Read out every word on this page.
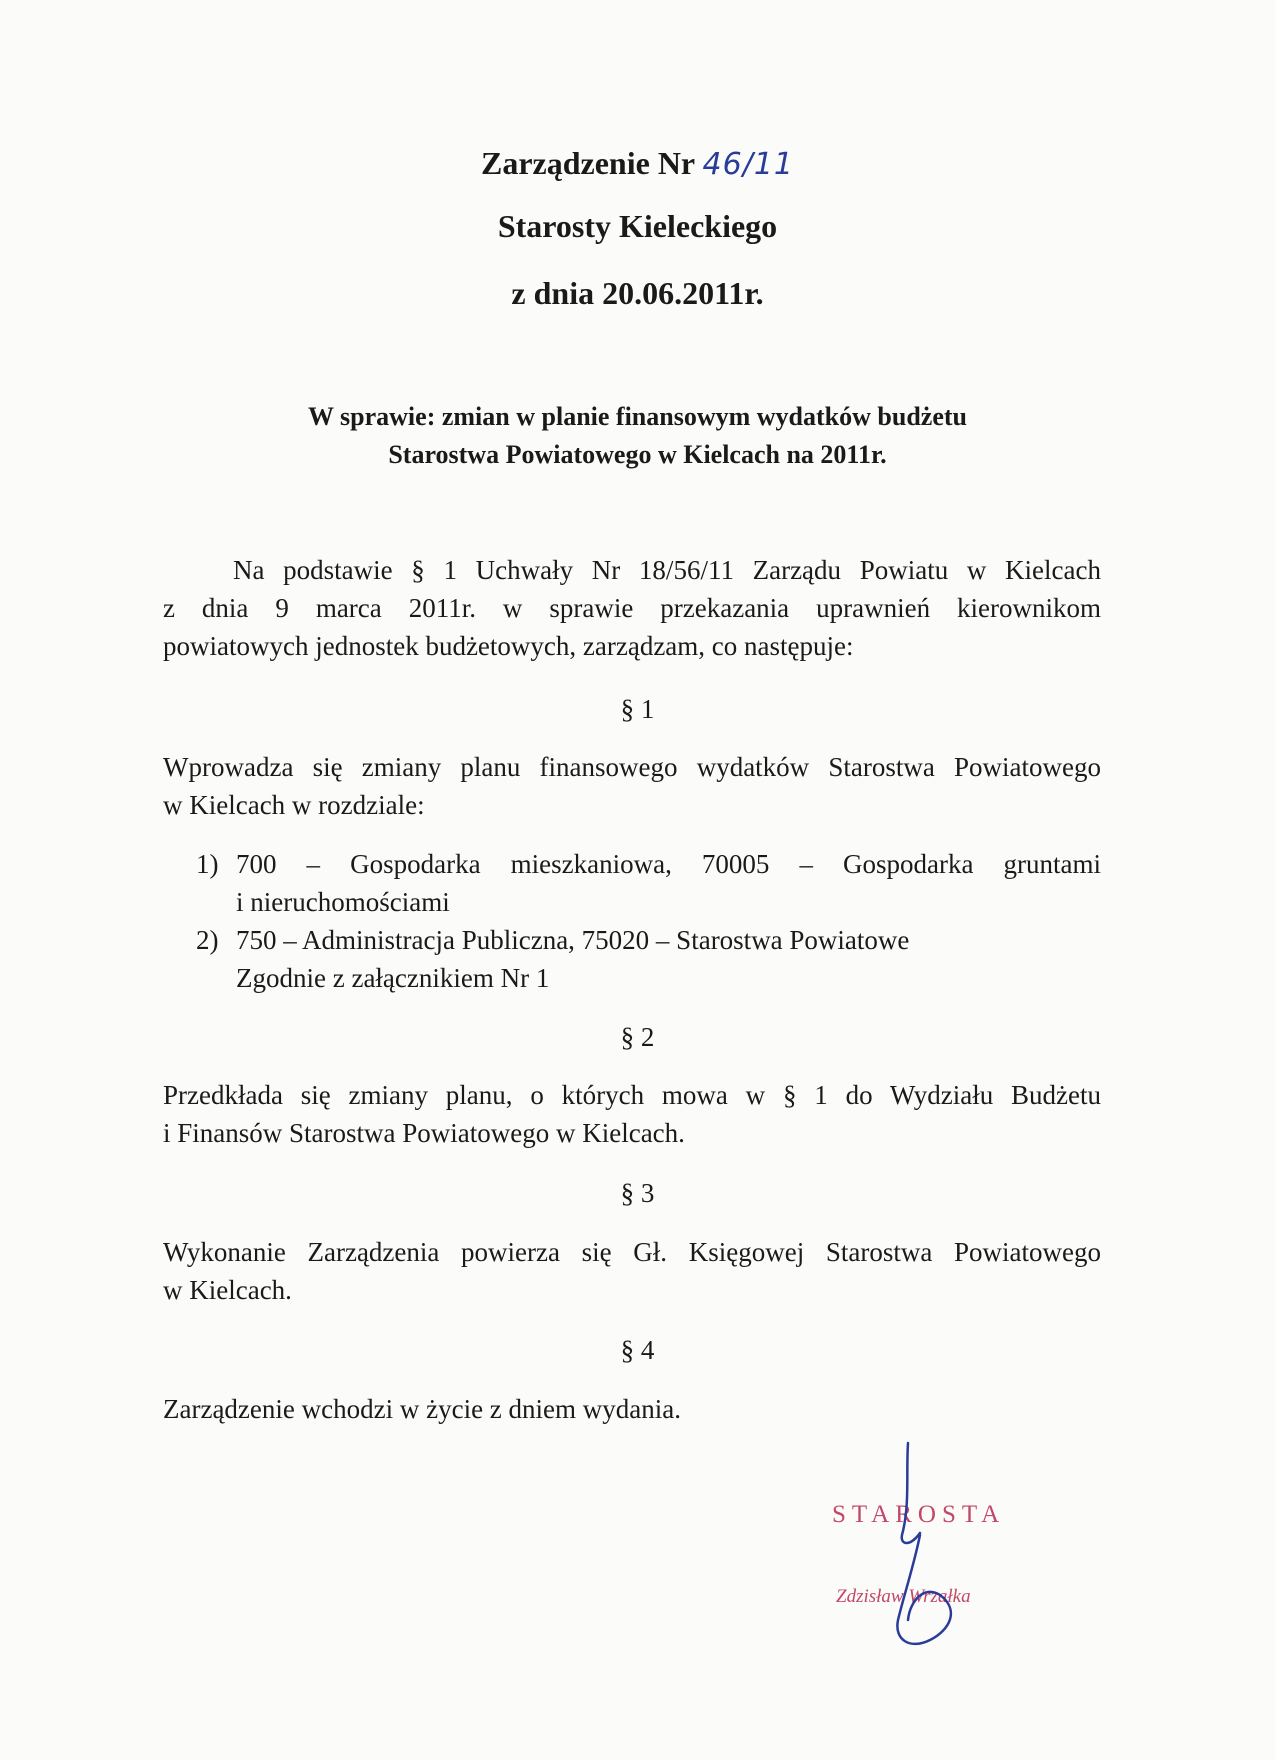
Zarządzenie Nr 46/11
Starosty Kieleckiego
z dnia 20.06.2011r.
W sprawie: zmian w planie finansowym wydatków budżetu
Starostwa Powiatowego w Kielcach na 2011r.
Na podstawie § 1 Uchwały Nr 18/56/11 Zarządu Powiatu w Kielcach
z dnia 9 marca 2011r. w sprawie przekazania uprawnień kierownikom
powiatowych jednostek budżetowych, zarządzam, co następuje:
§ 1
Wprowadza się zmiany planu finansowego wydatków Starostwa Powiatowego
w Kielcach w rozdziale:
1) 700 – Gospodarka mieszkaniowa, 70005 – Gospodarka gruntami
i nieruchomościami
2) 750 – Administracja Publiczna, 75020 – Starostwa Powiatowe
Zgodnie z załącznikiem Nr 1
§ 2
Przedkłada się zmiany planu, o których mowa w § 1 do Wydziału Budżetu
i Finansów Starostwa Powiatowego w Kielcach.
§ 3
Wykonanie Zarządzenia powierza się Gł. Księgowej Starostwa Powiatowego
w Kielcach.
§ 4
Zarządzenie wchodzi w życie z dniem wydania.
STAROSTA
Zdzisław Wrzałka
